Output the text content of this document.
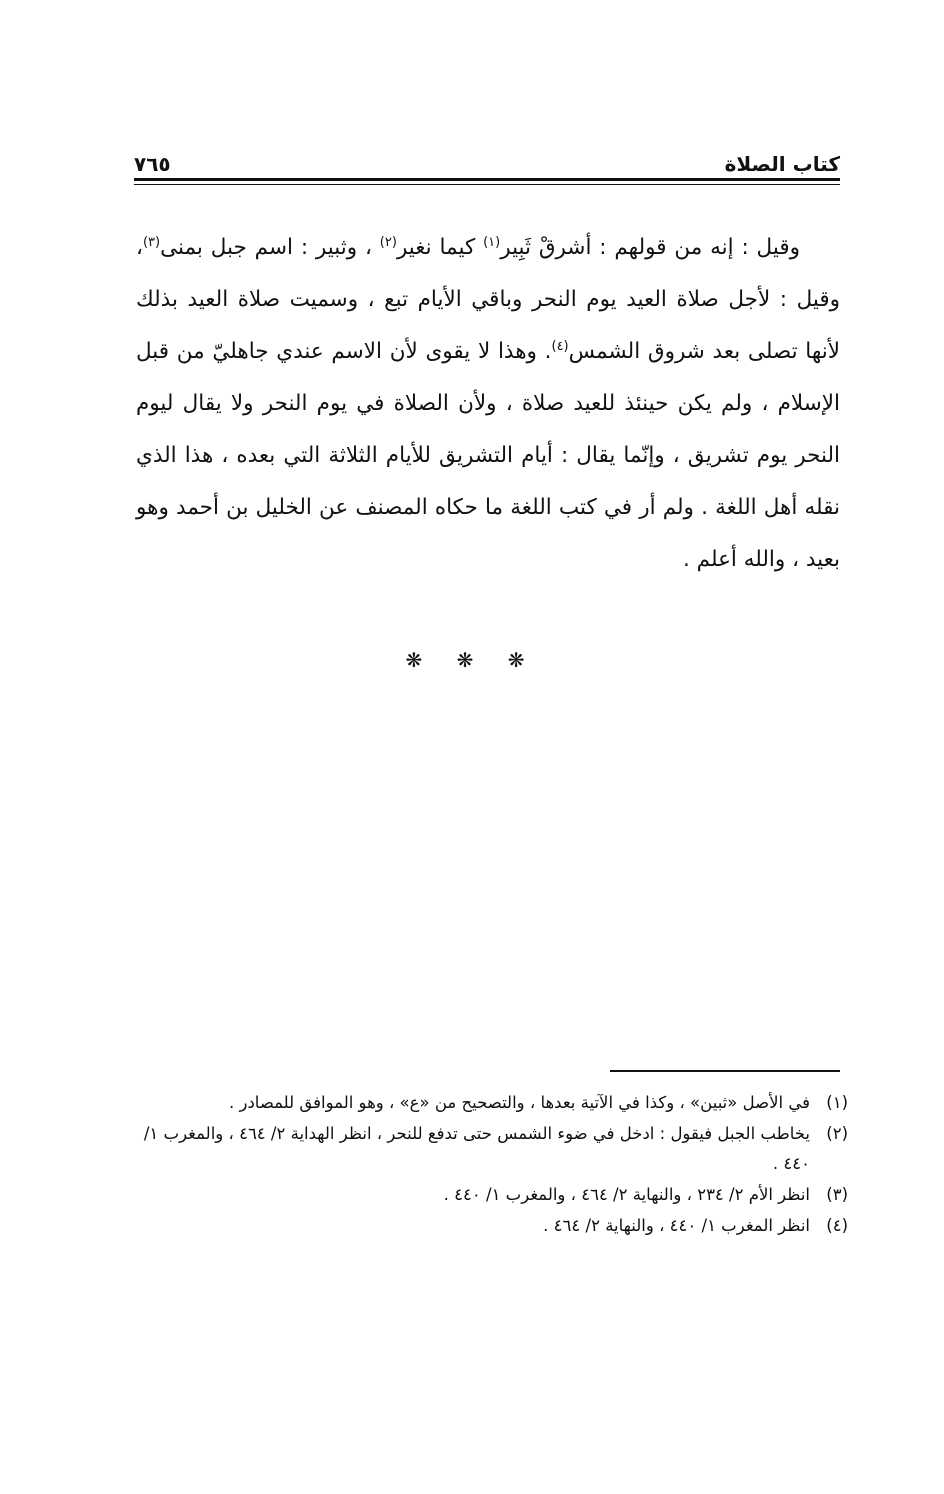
كتاب الصلاة
٧٦٥

وقيل : إنه من قولهم : أشرقْ ثَبِير$^{(١)}$ كيما نغير$^{(٢)}$ ، وثبير : اسم جبل بمنى$^{(٣)}$، وقيل : لأجل صلاة العيد يوم النحر وباقي الأيام تبع ، وسميت صلاة العيد بذلك لأنها تصلى بعد شروق الشمس$^{(٤)}$. وهذا لا يقوى لأن الاسم عندي جاهليّ من قبل الإسلام ، ولم يكن حينئذ للعيد صلاة ، ولأن الصلاة في يوم النحر ولا يقال ليوم النحر يوم تشريق ، وإنّما يقال : أيام التشريق للأيام الثلاثة التي بعده ، هذا الذي نقله أهل اللغة . ولم أر في كتب اللغة ما حكاه المصنف عن الخليل بن أحمد وهو بعيد ، والله أعلم .

❋ ❋ ❋
(١)
في الأصل «ثبين» ، وكذا في الآتية بعدها ، والتصحيح من «ع» ، وهو الموافق للمصادر .
(٢)
يخاطب الجبل فيقول : ادخل في ضوء الشمس حتى تدفع للنحر ، انظر الهداية ٢/ ٤٦٤ ، والمغرب ١/ ٤٤٠ .
(٣)
انظر الأم ٢/ ٢٣٤ ، والنهاية ٢/ ٤٦٤ ، والمغرب ١/ ٤٤٠ .
(٤)
انظر المغرب ١/ ٤٤٠ ، والنهاية ٢/ ٤٦٤ .
